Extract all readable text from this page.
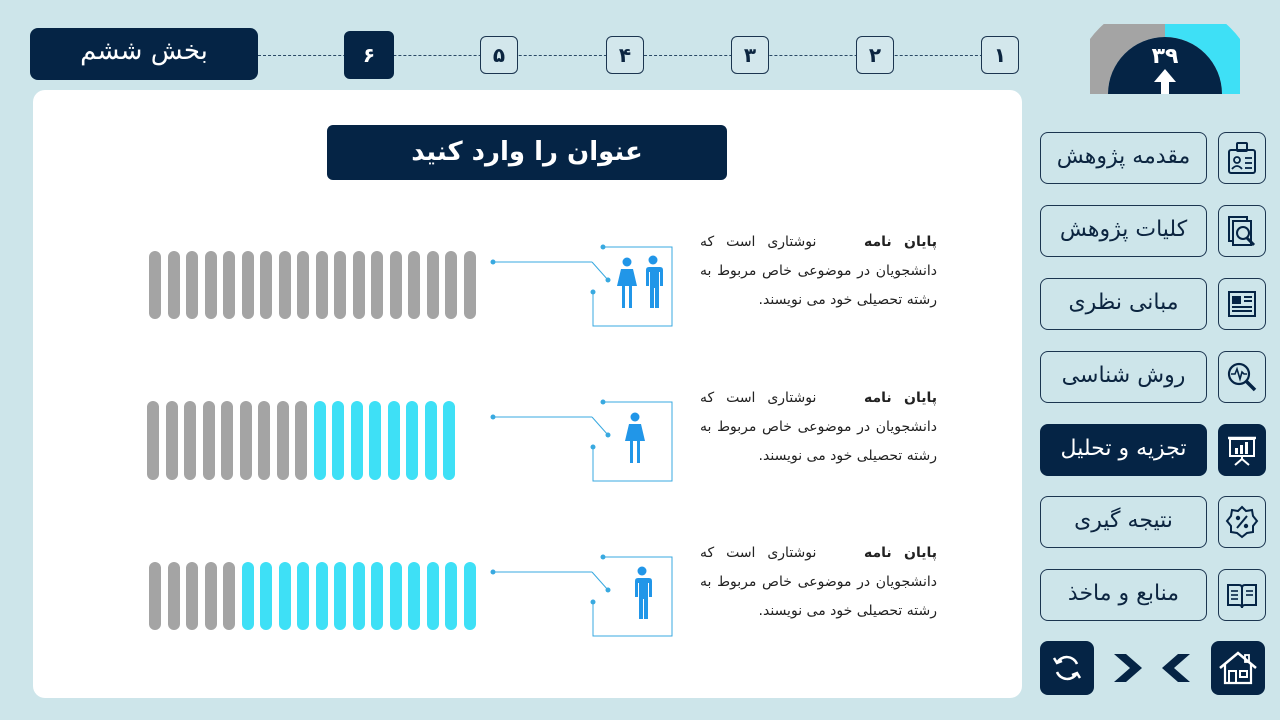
بخش ششم	۶	۵	۴	۳	۲	۱	۳۹
عنوان را وارد کنید
پایان نامه    نوشتاری است که دانشجویان در موضوعی خاص مربوط به رشته تحصیلی خود می نویسند.
پایان نامه    نوشتاری است که دانشجویان در موضوعی خاص مربوط به رشته تحصیلی خود می نویسند.
پایان نامه    نوشتاری است که دانشجویان در موضوعی خاص مربوط به رشته تحصیلی خود می نویسند.
مقدمه پژوهش
کلیات پژوهش
مبانی نظری
روش شناسی
تجزیه و تحلیل
نتیجه گیری
منابع و ماخذ
